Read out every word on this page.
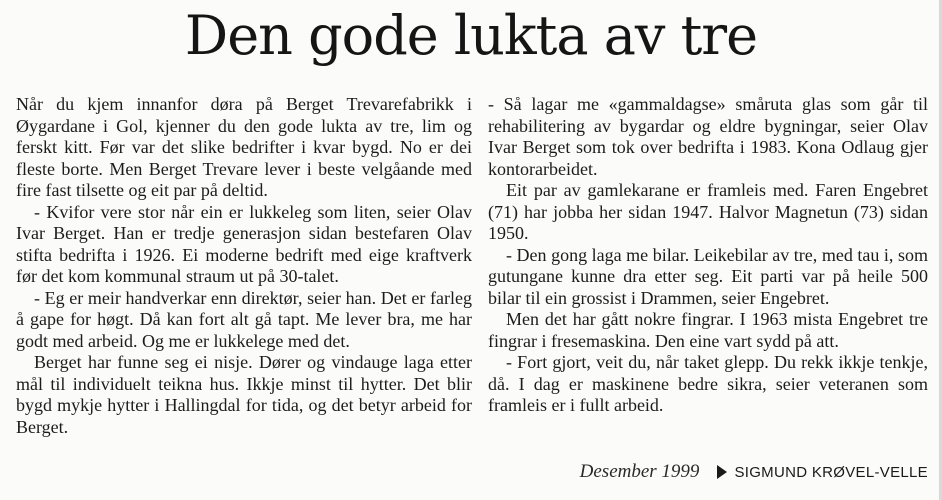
Den gode lukta av tre

Når du kjem innanfor døra på Berget Trevarefabrikk i Øygardane i Gol, kjenner du den gode lukta av tre, lim og ferskt kitt. Før var det slike bedrifter i kvar bygd. No er dei fleste borte. Men Berget Trevare lever i beste velgåande med fire fast tilsette og eit par på deltid.

- Kvifor vere stor når ein er lukkeleg som liten, seier Olav Ivar Berget. Han er tredje generasjon sidan bestefaren Olav stifta bedrifta i 1926. Ei moderne bedrift med eige kraftverk før det kom kommunal straum ut på 30-talet.

- Eg er meir handverkar enn direktør, seier han. Det er farleg å gape for høgt. Då kan fort alt gå tapt. Me lever bra, me har godt med arbeid. Og me er lukkelege med det.

Berget har funne seg ei nisje. Dører og vindauge laga etter mål til individuelt teikna hus. Ikkje minst til hytter. Det blir bygd mykje hytter i Hallingdal for tida, og det betyr arbeid for Berget.

- Så lagar me «gammaldagse» småruta glas som går til rehabilitering av bygardar og eldre bygningar, seier Olav Ivar Berget som tok over bedrifta i 1983. Kona Odlaug gjer kontorarbeidet.

Eit par av gamlekarane er framleis med. Faren Engebret (71) har jobba her sidan 1947. Halvor Magnetun (73) sidan 1950.

- Den gong laga me bilar. Leikebilar av tre, med tau i, som gutungane kunne dra etter seg. Eit parti var på heile 500 bilar til ein grossist i Drammen, seier Engebret.

Men det har gått nokre fingrar. I 1963 mista Engebret tre fingrar i fresemaskina. Den eine vart sydd på att.

- Fort gjort, veit du, når taket glepp. Du rekk ikkje tenkje, då. I dag er maskinene bedre sikra, seier veteranen som framleis er i fullt arbeid.

Desember 1999 SIGMUND KRØVEL-VELLE
